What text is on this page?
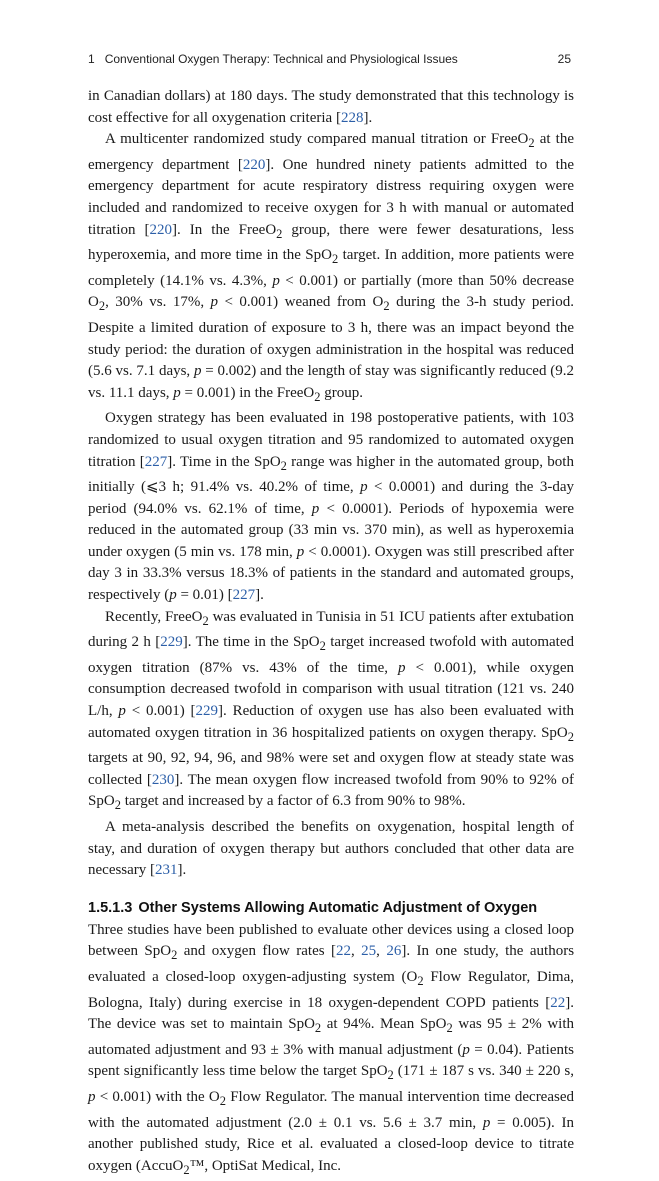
1 Conventional Oxygen Therapy: Technical and Physiological Issues	25

in Canadian dollars) at 180 days. The study demonstrated that this technology is cost effective for all oxygenation criteria [228].

A multicenter randomized study compared manual titration or FreeO$_2$ at the emergency department [220]. One hundred ninety patients admitted to the emergency department for acute respiratory distress requiring oxygen were included and randomized to receive oxygen for 3 h with manual or automated titration [220]. In the FreeO$_2$ group, there were fewer desaturations, less hyperoxemia, and more time in the SpO$_2$ target. In addition, more patients were completely (14.1% vs. 4.3%, p < 0.001) or partially (more than 50% decrease $O_2$, 30% vs. 17%, p < 0.001) weaned from $O_2$ during the 3-h study period. Despite a limited duration of exposure to 3 h, there was an impact beyond the study period: the duration of oxygen administration in the hospital was reduced (5.6 vs. 7.1 days, p = 0.002) and the length of stay was significantly reduced (9.2 vs. 11.1 days, p = 0.001) in the FreeO$_2$ group.

Oxygen strategy has been evaluated in 198 postoperative patients, with 103 randomized to usual oxygen titration and 95 randomized to automated oxygen titration [227]. Time in the SpO$_2$ range was higher in the automated group, both initially (⩽3 h; 91.4% vs. 40.2% of time, p < 0.0001) and during the 3-day period (94.0% vs. 62.1% of time, p < 0.0001). Periods of hypoxemia were reduced in the automated group (33 min vs. 370 min), as well as hyperoxemia under oxygen (5 min vs. 178 min, p < 0.0001). Oxygen was still prescribed after day 3 in 33.3% versus 18.3% of patients in the standard and automated groups, respectively (p = 0.01) [227].

Recently, FreeO$_2$ was evaluated in Tunisia in 51 ICU patients after extubation during 2 h [229]. The time in the SpO$_2$ target increased twofold with automated oxygen titration (87% vs. 43% of the time, p < 0.001), while oxygen consumption decreased twofold in comparison with usual titration (121 vs. 240 L/h, p < 0.001) [229]. Reduction of oxygen use has also been evaluated with automated oxygen titration in 36 hospitalized patients on oxygen therapy. SpO$_2$ targets at 90, 92, 94, 96, and 98% were set and oxygen flow at steady state was collected [230]. The mean oxygen flow increased twofold from 90% to 92% of SpO$_2$ target and increased by a factor of 6.3 from 90% to 98%.

A meta-analysis described the benefits on oxygenation, hospital length of stay, and duration of oxygen therapy but authors concluded that other data are necessary [231].

1.5.1.3 Other Systems Allowing Automatic Adjustment of Oxygen

Three studies have been published to evaluate other devices using a closed loop between SpO$_2$ and oxygen flow rates [22, 25, 26]. In one study, the authors evaluated a closed-loop oxygen-adjusting system ($O_2$ Flow Regulator, Dima, Bologna, Italy) during exercise in 18 oxygen-dependent COPD patients [22]. The device was set to maintain SpO$_2$ at 94%. Mean SpO$_2$ was 95 ± 2% with automated adjustment and 93 ± 3% with manual adjustment (p = 0.04). Patients spent significantly less time below the target SpO$_2$ (171 ± 187 s vs. 340 ± 220 s, p < 0.001) with the $O_2$ Flow Regulator. The manual intervention time decreased with the automated adjustment (2.0 ± 0.1 vs. 5.6 ± 3.7 min, p = 0.005). In another published study, Rice et al. evaluated a closed-loop device to titrate oxygen (AccuO$_2$™, OptiSat Medical, Inc.
